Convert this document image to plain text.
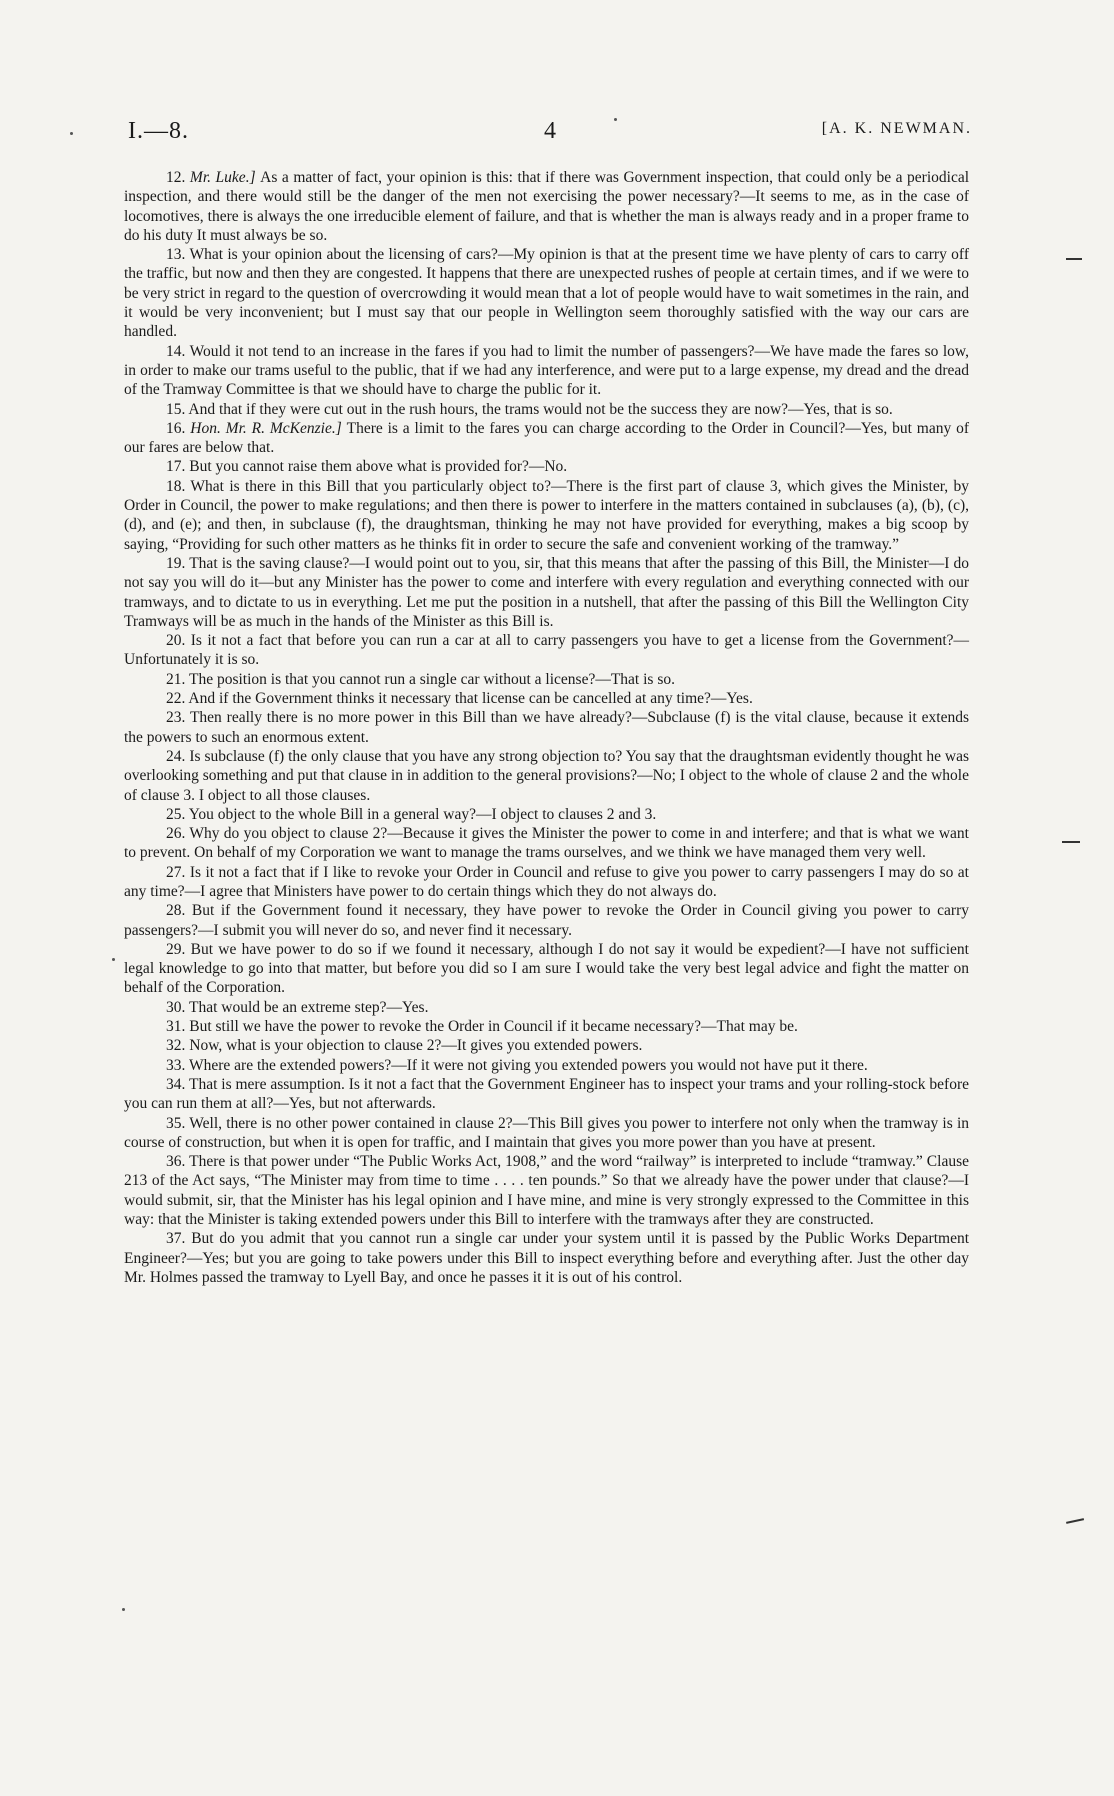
I.—8.	4	[A. K. NEWMAN.

12. Mr. Luke.] As a matter of fact, your opinion is this: that if there was Government inspection, that could only be a periodical inspection, and there would still be the danger of the men not exercising the power necessary?—It seems to me, as in the case of locomotives, there is always the one irreducible element of failure, and that is whether the man is always ready and in a proper frame to do his duty It must always be so.

13. What is your opinion about the licensing of cars?—My opinion is that at the present time we have plenty of cars to carry off the traffic, but now and then they are congested. It happens that there are unexpected rushes of people at certain times, and if we were to be very strict in regard to the question of overcrowding it would mean that a lot of people would have to wait sometimes in the rain, and it would be very inconvenient; but I must say that our people in Wellington seem thoroughly satisfied with the way our cars are handled.

14. Would it not tend to an increase in the fares if you had to limit the number of passengers?—We have made the fares so low, in order to make our trams useful to the public, that if we had any interference, and were put to a large expense, my dread and the dread of the Tramway Committee is that we should have to charge the public for it.

15. And that if they were cut out in the rush hours, the trams would not be the success they are now?—Yes, that is so.

16. Hon. Mr. R. McKenzie.] There is a limit to the fares you can charge according to the Order in Council?—Yes, but many of our fares are below that.

17. But you cannot raise them above what is provided for?—No.

18. What is there in this Bill that you particularly object to?—There is the first part of clause 3, which gives the Minister, by Order in Council, the power to make regulations; and then there is power to interfere in the matters contained in subclauses (a), (b), (c), (d), and (e); and then, in subclause (f), the draughtsman, thinking he may not have provided for everything, makes a big scoop by saying, “Providing for such other matters as he thinks fit in order to secure the safe and convenient working of the tramway.”

19. That is the saving clause?—I would point out to you, sir, that this means that after the passing of this Bill, the Minister—I do not say you will do it—but any Minister has the power to come and interfere with every regulation and everything connected with our tramways, and to dictate to us in everything. Let me put the position in a nutshell, that after the passing of this Bill the Wellington City Tramways will be as much in the hands of the Minister as this Bill is.

20. Is it not a fact that before you can run a car at all to carry passengers you have to get a license from the Government?—Unfortunately it is so.

21. The position is that you cannot run a single car without a license?—That is so.

22. And if the Government thinks it necessary that license can be cancelled at any time?—Yes.

23. Then really there is no more power in this Bill than we have already?—Subclause (f) is the vital clause, because it extends the powers to such an enormous extent.

24. Is subclause (f) the only clause that you have any strong objection to? You say that the draughtsman evidently thought he was overlooking something and put that clause in in addition to the general provisions?—No; I object to the whole of clause 2 and the whole of clause 3. I object to all those clauses.

25. You object to the whole Bill in a general way?—I object to clauses 2 and 3.

26. Why do you object to clause 2?—Because it gives the Minister the power to come in and interfere; and that is what we want to prevent. On behalf of my Corporation we want to manage the trams ourselves, and we think we have managed them very well.

27. Is it not a fact that if I like to revoke your Order in Council and refuse to give you power to carry passengers I may do so at any time?—I agree that Ministers have power to do certain things which they do not always do.

28. But if the Government found it necessary, they have power to revoke the Order in Council giving you power to carry passengers?—I submit you will never do so, and never find it necessary.

29. But we have power to do so if we found it necessary, although I do not say it would be expedient?—I have not sufficient legal knowledge to go into that matter, but before you did so I am sure I would take the very best legal advice and fight the matter on behalf of the Corporation.

30. That would be an extreme step?—Yes.

31. But still we have the power to revoke the Order in Council if it became necessary?—That may be.

32. Now, what is your objection to clause 2?—It gives you extended powers.

33. Where are the extended powers?—If it were not giving you extended powers you would not have put it there.

34. That is mere assumption. Is it not a fact that the Government Engineer has to inspect your trams and your rolling-stock before you can run them at all?—Yes, but not afterwards.

35. Well, there is no other power contained in clause 2?—This Bill gives you power to interfere not only when the tramway is in course of construction, but when it is open for traffic, and I maintain that gives you more power than you have at present.

36. There is that power under “The Public Works Act, 1908,” and the word “railway” is interpreted to include “tramway.” Clause 213 of the Act says, “The Minister may from time to time . . . . ten pounds.” So that we already have the power under that clause?—I would submit, sir, that the Minister has his legal opinion and I have mine, and mine is very strongly expressed to the Committee in this way: that the Minister is taking extended powers under this Bill to interfere with the tramways after they are constructed.

37. But do you admit that you cannot run a single car under your system until it is passed by the Public Works Department Engineer?—Yes; but you are going to take powers under this Bill to inspect everything before and everything after. Just the other day Mr. Holmes passed the tramway to Lyell Bay, and once he passes it it is out of his control.
